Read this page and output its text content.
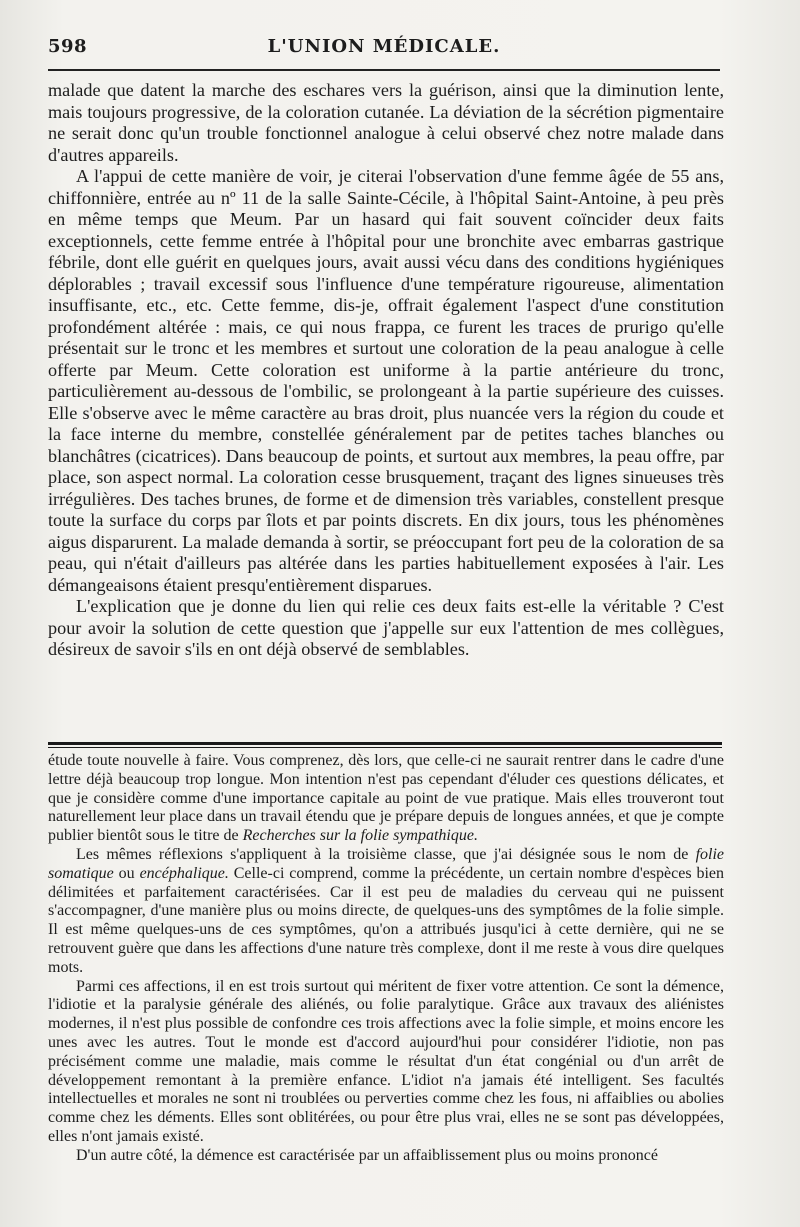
598	L'UNION MÉDICALE.

malade que datent la marche des eschares vers la guérison, ainsi que la diminution lente, mais toujours progressive, de la coloration cutanée. La déviation de la sécrétion pigmentaire ne serait donc qu'un trouble fonctionnel analogue à celui observé chez notre malade dans d'autres appareils.

A l'appui de cette manière de voir, je citerai l'observation d'une femme âgée de 55 ans, chiffonnière, entrée au nº 11 de la salle Sainte-Cécile, à l'hôpital Saint-Antoine, à peu près en même temps que Meum. Par un hasard qui fait souvent coïncider deux faits exceptionnels, cette femme entrée à l'hôpital pour une bronchite avec embarras gastrique fébrile, dont elle guérit en quelques jours, avait aussi vécu dans des conditions hygiéniques déplorables ; travail excessif sous l'influence d'une température rigoureuse, alimentation insuffisante, etc., etc. Cette femme, dis-je, offrait également l'aspect d'une constitution profondément altérée : mais, ce qui nous frappa, ce furent les traces de prurigo qu'elle présentait sur le tronc et les membres et surtout une coloration de la peau analogue à celle offerte par Meum. Cette coloration est uniforme à la partie antérieure du tronc, particulièrement au-dessous de l'ombilic, se prolongeant à la partie supérieure des cuisses. Elle s'observe avec le même caractère au bras droit, plus nuancée vers la région du coude et la face interne du membre, constellée généralement par de petites taches blanches ou blanchâtres (cicatrices). Dans beaucoup de points, et surtout aux membres, la peau offre, par place, son aspect normal. La coloration cesse brusquement, traçant des lignes sinueuses très irrégulières. Des taches brunes, de forme et de dimension très variables, constellent presque toute la surface du corps par îlots et par points discrets. En dix jours, tous les phénomènes aigus disparurent. La malade demanda à sortir, se préoccupant fort peu de la coloration de sa peau, qui n'était d'ailleurs pas altérée dans les parties habituellement exposées à l'air. Les démangeaisons étaient presqu'entièrement disparues.

L'explication que je donne du lien qui relie ces deux faits est-elle la véritable ? C'est pour avoir la solution de cette question que j'appelle sur eux l'attention de mes collègues, désireux de savoir s'ils en ont déjà observé de semblables.

étude toute nouvelle à faire. Vous comprenez, dès lors, que celle-ci ne saurait rentrer dans le cadre d'une lettre déjà beaucoup trop longue. Mon intention n'est pas cependant d'éluder ces questions délicates, et que je considère comme d'une importance capitale au point de vue pratique. Mais elles trouveront tout naturellement leur place dans un travail étendu que je prépare depuis de longues années, et que je compte publier bientôt sous le titre de Recherches sur la folie sympathique.

Les mêmes réflexions s'appliquent à la troisième classe, que j'ai désignée sous le nom de folie somatique ou encéphalique. Celle-ci comprend, comme la précédente, un certain nombre d'espèces bien délimitées et parfaitement caractérisées. Car il est peu de maladies du cerveau qui ne puissent s'accompagner, d'une manière plus ou moins directe, de quelques-uns des symptômes de la folie simple. Il est même quelques-uns de ces symptômes, qu'on a attribués jusqu'ici à cette dernière, qui ne se retrouvent guère que dans les affections d'une nature très complexe, dont il me reste à vous dire quelques mots.

Parmi ces affections, il en est trois surtout qui méritent de fixer votre attention. Ce sont la démence, l'idiotie et la paralysie générale des aliénés, ou folie paralytique. Grâce aux travaux des aliénistes modernes, il n'est plus possible de confondre ces trois affections avec la folie simple, et moins encore les unes avec les autres. Tout le monde est d'accord aujourd'hui pour considérer l'idiotie, non pas précisément comme une maladie, mais comme le résultat d'un état congénial ou d'un arrêt de développement remontant à la première enfance. L'idiot n'a jamais été intelligent. Ses facultés intellectuelles et morales ne sont ni troublées ou perverties comme chez les fous, ni affaiblies ou abolies comme chez les déments. Elles sont oblitérées, ou pour être plus vrai, elles ne se sont pas développées, elles n'ont jamais existé.

D'un autre côté, la démence est caractérisée par un affaiblissement plus ou moins prononcé
